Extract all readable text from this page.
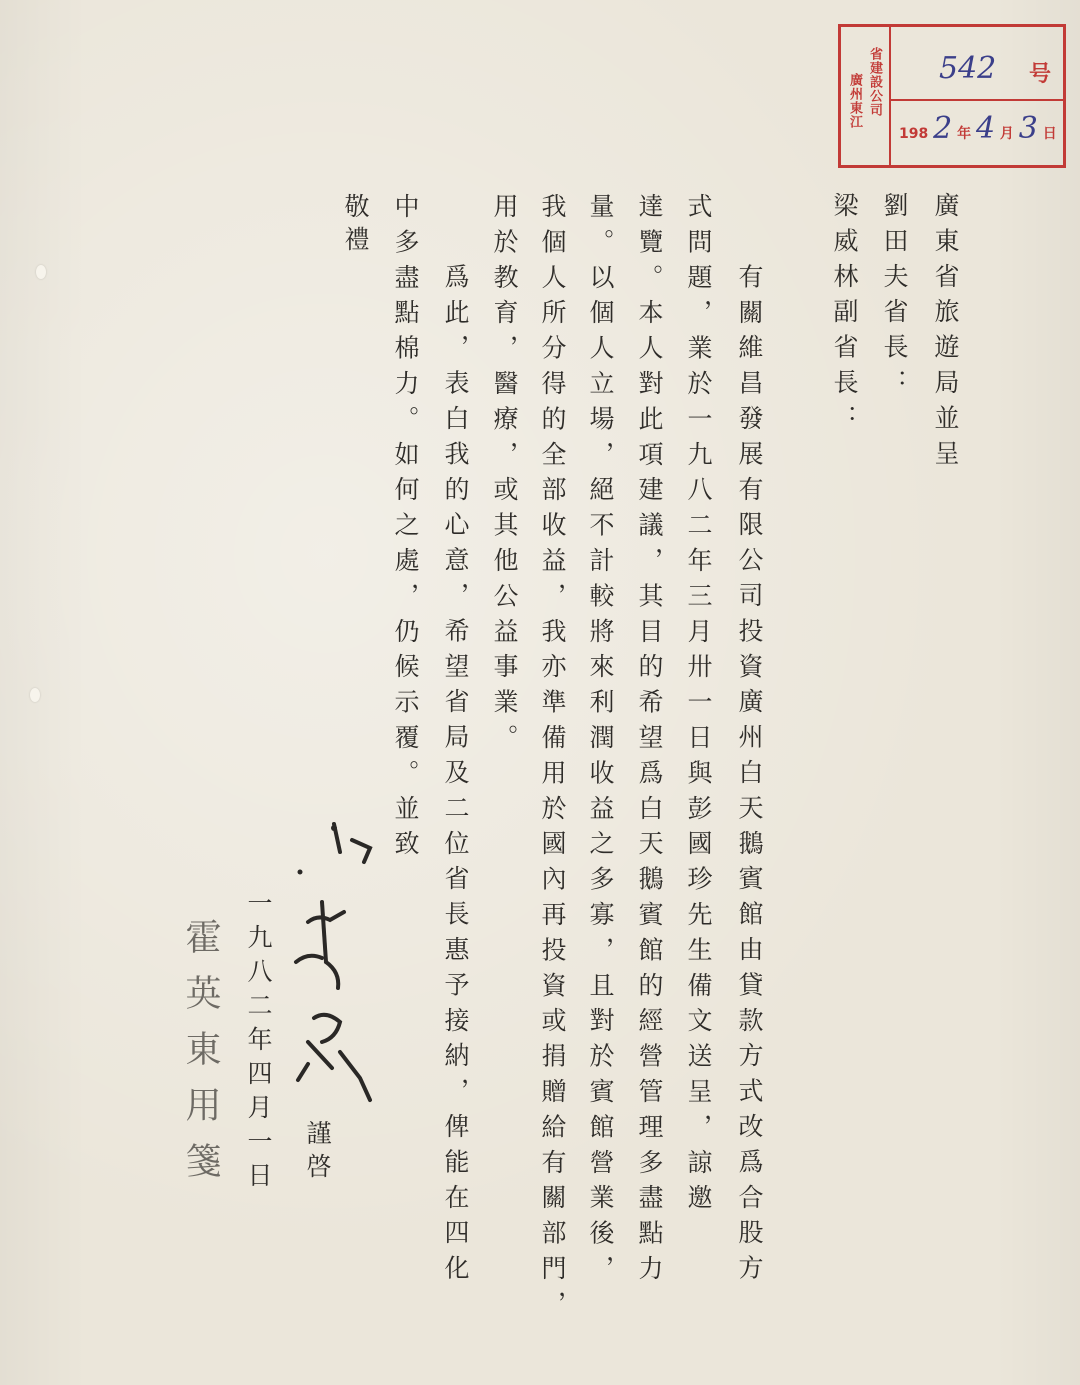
省建設公司
廣州東江
542 号
198 2 年 4 月 3 日
廣東省旅遊局並呈
劉田夫省長：
梁威林副省長：
　有關維昌發展有限公司投資廣州白天鵝賓館由貸款方式改爲合股方
式問題，業於一九八二年三月卅一日與彭國珍先生備文送呈，諒邀
達覽。本人對此項建議，其目的希望爲白天鵝賓館的經營管理多盡點力
量。以個人立場，絕不計較將來利潤收益之多寡，且對於賓館營業後，
我個人所分得的全部收益，我亦準備用於國內再投資或捐贈給有關部門，
用於教育，醫療，或其他公益事業。
　爲此，表白我的心意，希望省局及二位省長惠予接納，俾能在四化
中多盡點棉力。如何之處，仍候示覆。並致
敬禮
謹啓
一九八二年四月一日
霍英東用箋
